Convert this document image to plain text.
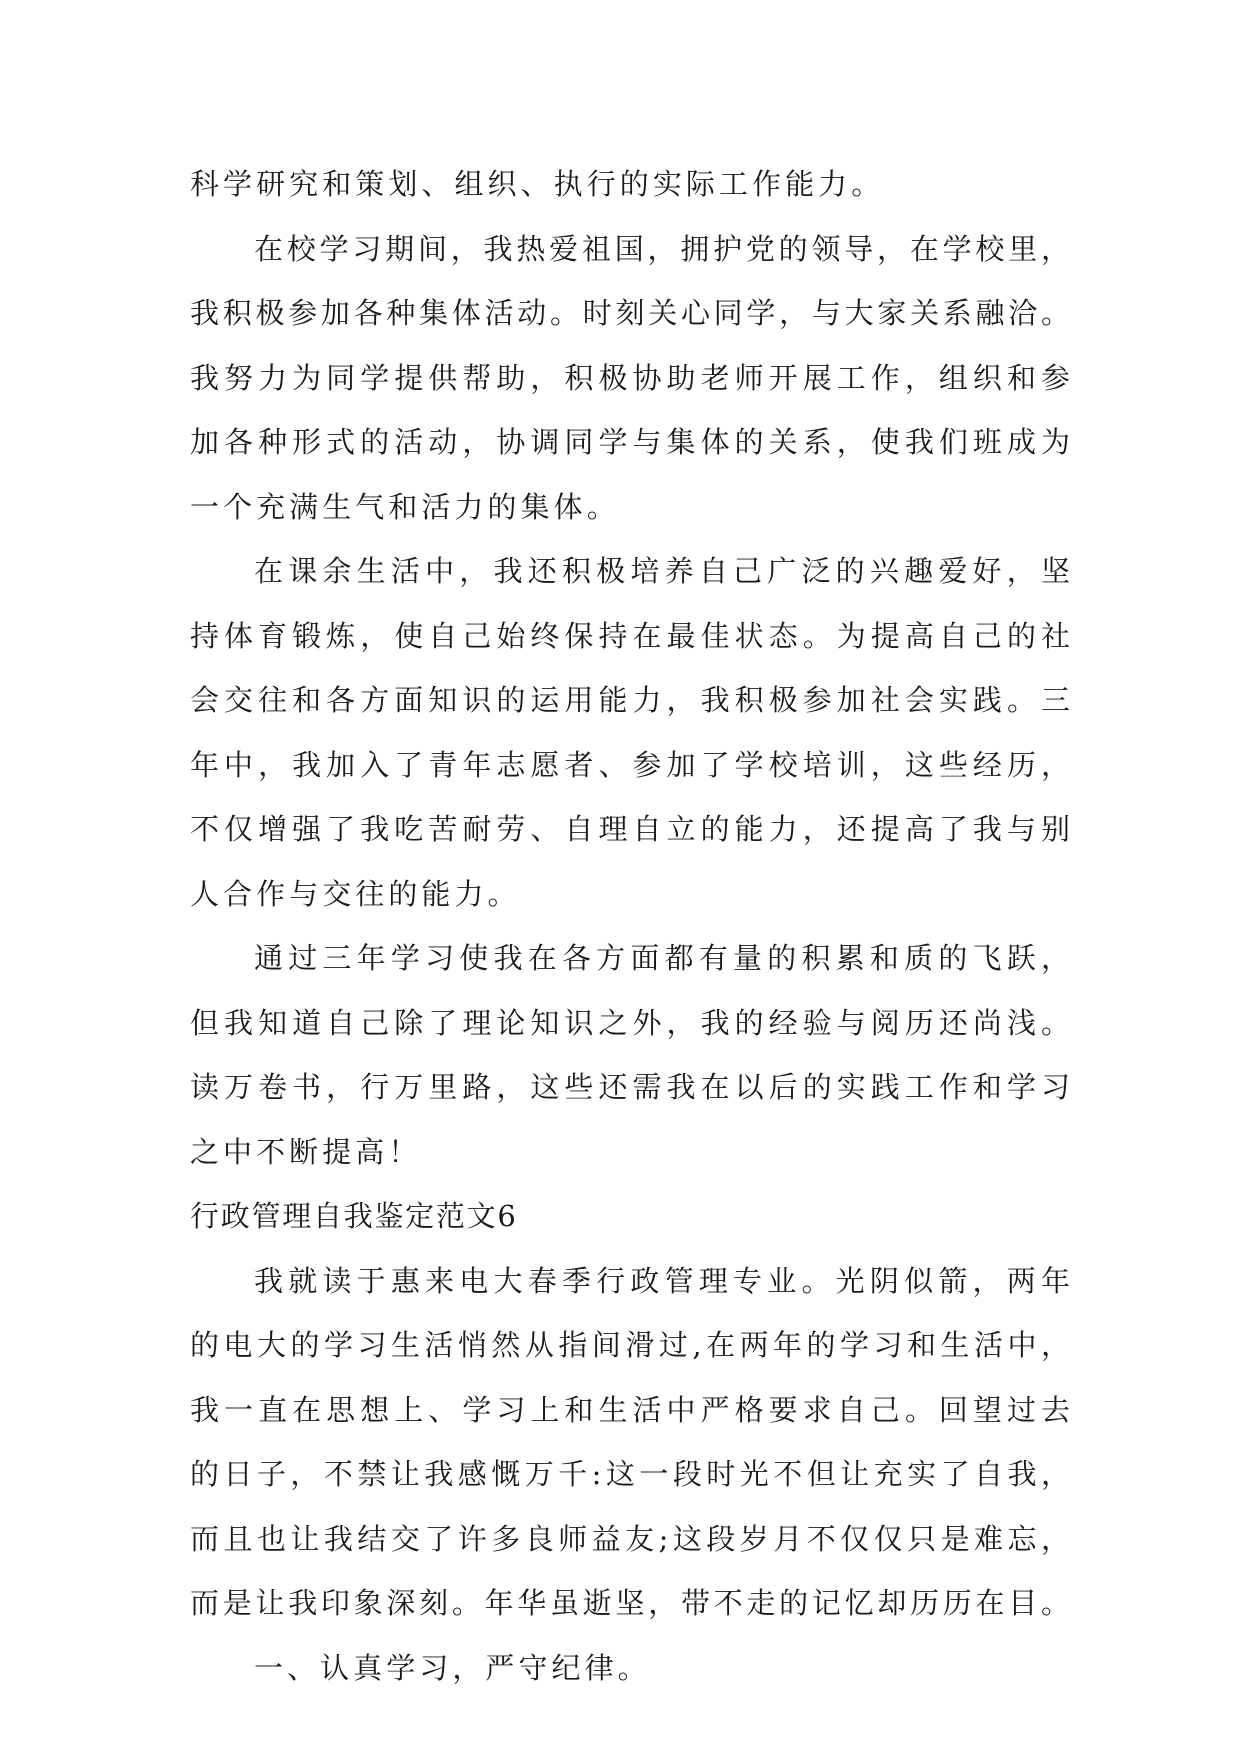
科学研究和策划、组织、执行的实际工作能力。
在校学习期间，我热爱祖国，拥护党的领导，在学校里，
我积极参加各种集体活动。时刻关心同学，与大家关系融洽。
我努力为同学提供帮助，积极协助老师开展工作，组织和参
加各种形式的活动，协调同学与集体的关系，使我们班成为
一个充满生气和活力的集体。
在课余生活中，我还积极培养自己广泛的兴趣爱好，坚
持体育锻炼，使自己始终保持在最佳状态。为提高自己的社
会交往和各方面知识的运用能力，我积极参加社会实践。三
年中，我加入了青年志愿者、参加了学校培训，这些经历，
不仅增强了我吃苦耐劳、自理自立的能力，还提高了我与别
人合作与交往的能力。
通过三年学习使我在各方面都有量的积累和质的飞跃，
但我知道自己除了理论知识之外，我的经验与阅历还尚浅。
读万卷书，行万里路，这些还需我在以后的实践工作和学习
之中不断提高！
行政管理自我鉴定范文6
我就读于惠来电大春季行政管理专业。光阴似箭，两年
的电大的学习生活悄然从指间滑过,在两年的学习和生活中，
我一直在思想上、学习上和生活中严格要求自己。回望过去
的日子，不禁让我感慨万千:这一段时光不但让充实了自我，
而且也让我结交了许多良师益友;这段岁月不仅仅只是难忘，
而是让我印象深刻。年华虽逝坚，带不走的记忆却历历在目。
一、认真学习，严守纪律。
